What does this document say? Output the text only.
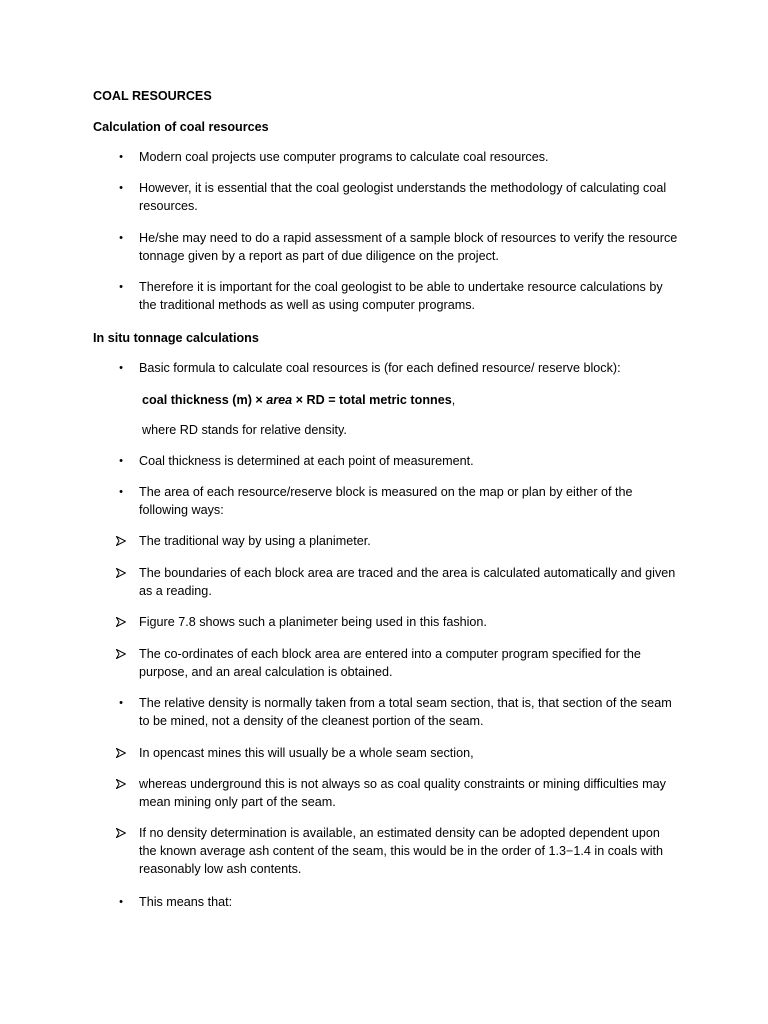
COAL RESOURCES

Calculation of coal resources

•	Modern coal projects use computer programs to calculate coal resources.
•	However, it is essential that the coal geologist understands the methodology of calculating coal resources.
•	He/she may need to do a rapid assessment of a sample block of resources to verify the resource tonnage given by a report as part of due diligence on the project.
•	Therefore it is important for the coal geologist to be able to undertake resource calculations by the traditional methods as well as using computer programs.

In situ tonnage calculations

•	Basic formula to calculate coal resources is (for each defined resource/ reserve block):

coal thickness (m) × area × RD = total metric tonnes,

where RD stands for relative density.

•	Coal thickness is determined at each point of measurement.
•	The area of each resource/reserve block is measured on the map or plan by either of the following ways:
The traditional way by using a planimeter.
The boundaries of each block area are traced and the area is calculated automatically and given as a reading.
Figure 7.8 shows such a planimeter being used in this fashion.
The co-ordinates of each block area are entered into a computer program specified for the purpose, and an areal calculation is obtained.
•	The relative density is normally taken from a total seam section, that is, that section of the seam to be mined, not a density of the cleanest portion of the seam.
In opencast mines this will usually be a whole seam section,
whereas underground this is not always so as coal quality constraints or mining difficulties may mean mining only part of the seam.
If no density determination is available, an estimated density can be adopted dependent upon the known average ash content of the seam, this would be in the order of 1.3−1.4 in coals with reasonably low ash contents.
•	This means that:
